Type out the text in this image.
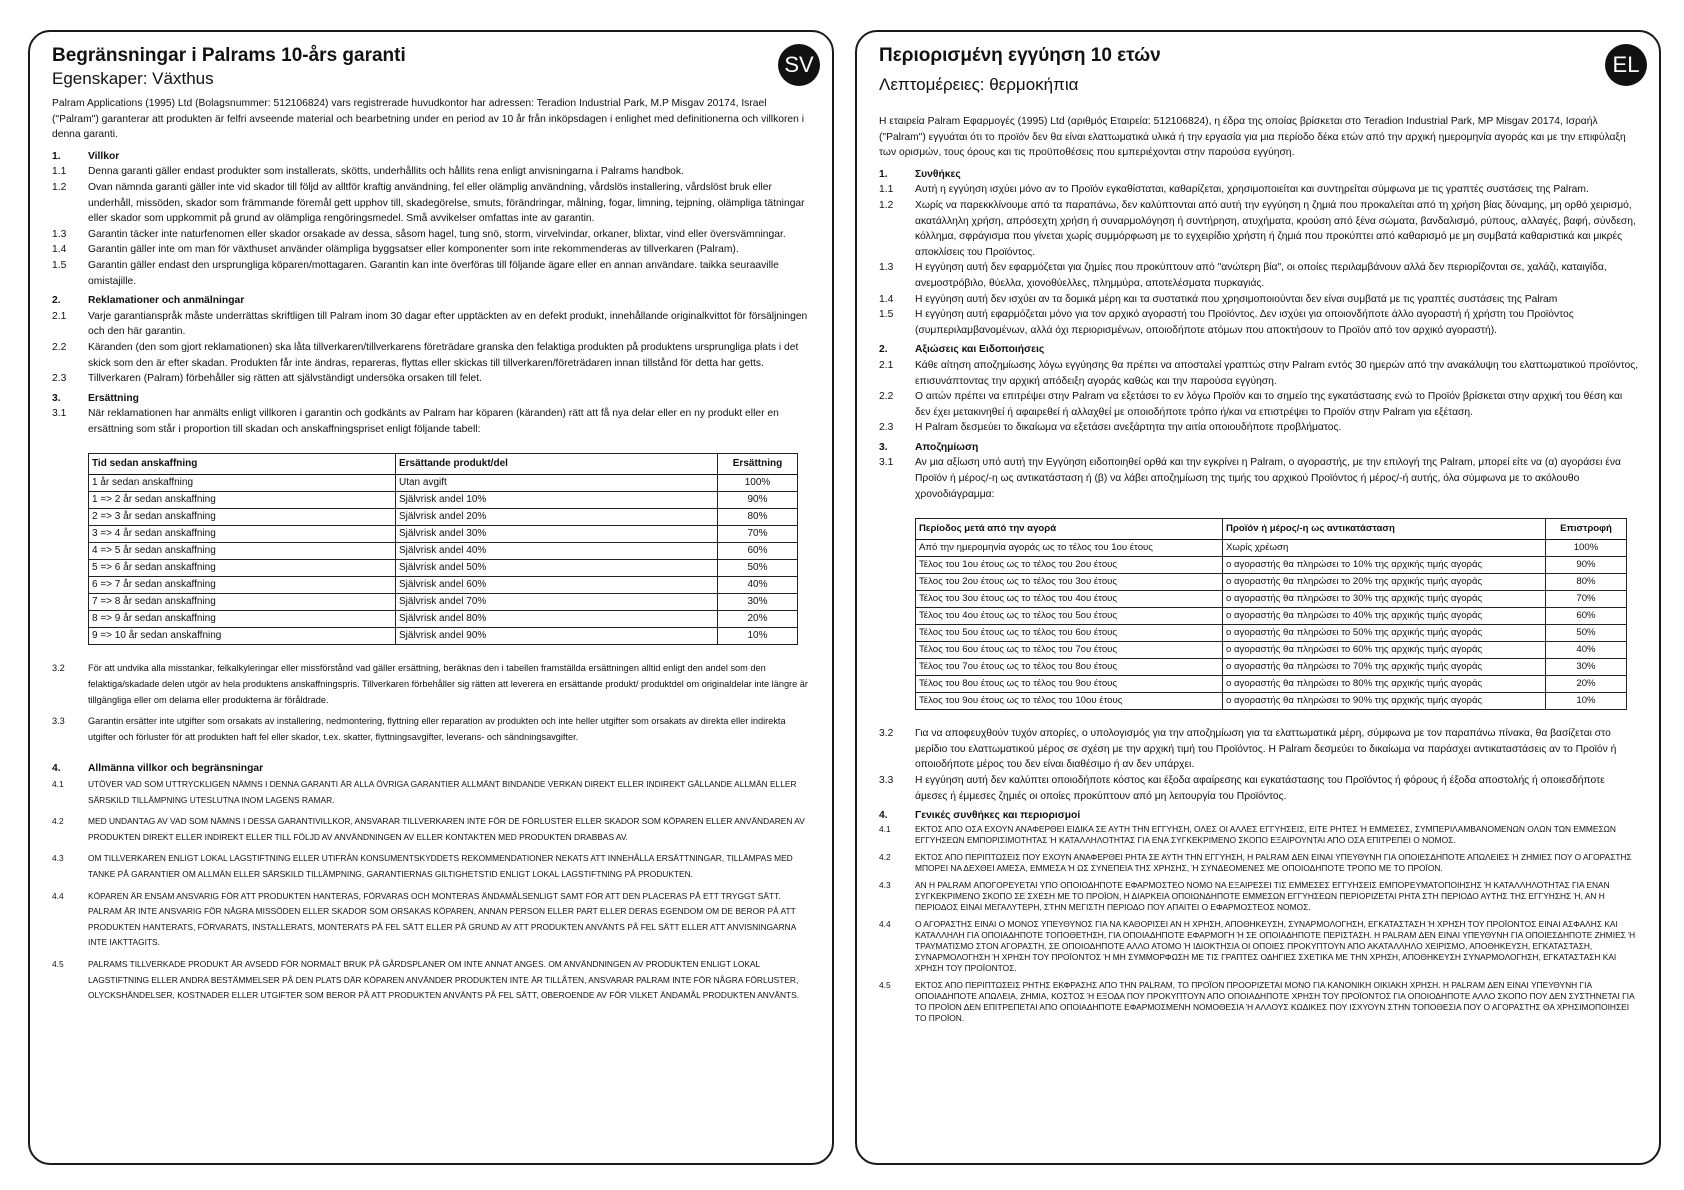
SV

Begränsningar i Palrams 10-års garanti

Egenskaper: Växthus

Palram Applications (1995) Ltd (Bolagsnummer: 512106824) vars registrerade huvudkontor har adressen: Teradion Industrial Park, M.P Misgav 20174, Israel ("Palram") garanterar att produkten är felfri avseende material och bearbetning under en period av 10 år från inköpsdagen i enlighet med definitionerna och villkoren i denna garanti.

1.	Villkor
1.1 Denna garanti gäller endast produkter som installerats, skötts, underhållits och hållits rena enligt anvisningarna i Palrams handbok.
1.2 Ovan nämnda garanti gäller inte vid skador till följd av alltför kraftig användning, fel eller olämplig användning, vårdslös installering, vårdslöst bruk eller underhåll, missöden, skador som främmande föremål gett upphov till, skadegörelse, smuts, förändringar, målning, fogar, limning, tejpning, olämpliga tätningar eller skador som uppkommit på grund av olämpliga rengöringsmedel. Små avvikelser omfattas inte av garantin.
1.3 Garantin täcker inte naturfenomen eller skador orsakade av dessa, såsom hagel, tung snö, storm, virvelvindar, orkaner, blixtar, vind eller översvämningar.
1.4 Garantin gäller inte om man för växthuset använder olämpliga byggsatser eller komponenter som inte rekommenderas av tillverkaren (Palram).
1.5 Garantin gäller endast den ursprungliga köparen/mottagaren. Garantin kan inte överföras till följande ägare eller en annan användare. taikka seuraaville omistajille.
2.	Reklamationer och anmälningar
2.1 Varje garantianspråk måste underrättas skriftligen till Palram inom 30 dagar efter upptäckten av en defekt produkt, innehållande originalkvittot för försäljningen och den här garantin.
2.2 Käranden (den som gjort reklamationen) ska låta tillverkaren/tillverkarens företrädare granska den felaktiga produkten på produktens ursprungliga plats i det skick som den är efter skadan. Produkten får inte ändras, repareras, flyttas eller skickas till tillverkaren/företrädaren innan tillstånd för detta har getts.
2.3 Tillverkaren (Palram) förbehåller sig rätten att självständigt undersöka orsaken till felet.
3.	Ersättning
3.1 När reklamationen har anmälts enligt villkoren i garantin och godkänts av Palram har köparen (käranden) rätt att få nya delar eller en ny produkt eller en ersättning som står i proportion till skadan och anskaffningspriset enligt följande tabell:
Tid sedan anskaffning	Ersättande produkt/del	Ersättning
1 år sedan anskaffning	Utan avgift	100%
1 => 2 år sedan anskaffning	Självrisk andel 10%	90%
2 => 3 år sedan anskaffning	Självrisk andel 20%	80%
3 => 4 år sedan anskaffning	Självrisk andel 30%	70%
4 => 5 år sedan anskaffning	Självrisk andel 40%	60%
5 => 6 år sedan anskaffning	Självrisk andel 50%	50%
6 => 7 år sedan anskaffning	Självrisk andel 60%	40%
7 => 8 år sedan anskaffning	Självrisk andel 70%	30%
8 => 9 år sedan anskaffning	Självrisk andel 80%	20%
9 => 10 år sedan anskaffning	Självrisk andel 90%	10%
3.2	För att undvika alla misstankar, felkalkyleringar eller missförstånd vad gäller ersättning, beräknas den i tabellen framställda ersättningen alltid enligt den andel som den felaktiga/skadade delen utgör av hela produktens anskaffningspris. Tillverkaren förbehåller sig rätten att leverera en ersättande produkt/ produktdel om originaldelar inte längre är tillgängliga eller om delarna eller produkterna är föråldrade.
3.3	Garantin ersätter inte utgifter som orsakats av installering, nedmontering, flyttning eller reparation av produkten och inte heller utgifter som orsakats av direkta eller indirekta utgifter och förluster för att produkten haft fel eller skador, t.ex. skatter, flyttningsavgifter, leverans- och sändningsavgifter.
4.	Allmänna villkor och begränsningar
4.1	UTÖVER VAD SOM UTTRYCKLIGEN NÄMNS I DENNA GARANTI ÄR ALLA ÖVRIGA GARANTIER ALLMÄNT BINDANDE VERKAN DIREKT ELLER INDIREKT GÄLLANDE ALLMÄN ELLER SÄRSKILD TILLÄMPNING UTESLUTNA INOM LAGENS RAMAR.
4.2	MED UNDANTAG AV VAD SOM NÄMNS I DESSA GARANTIVILLKOR, ANSVARAR TILLVERKAREN INTE FÖR DE FÖRLUSTER ELLER SKADOR SOM KÖPAREN ELLER ANVÄNDAREN AV PRODUKTEN DIREKT ELLER INDIREKT ELLER TILL FÖLJD AV ANVÄNDNINGEN AV ELLER KONTAKTEN MED PRODUKTEN DRABBAS AV.
4.3	OM TILLVERKAREN ENLIGT LOKAL LAGSTIFTNING ELLER UTIFRÅN KONSUMENTSKYDDETS REKOMMENDATIONER NEKATS ATT INNEHÅLLA ERSÄTTNINGAR, TILLÄMPAS MED TANKE PÅ GARANTIER OM ALLMÄN ELLER SÄRSKILD TILLÄMPNING, GARANTIERNAS GILTIGHETSTID ENLIGT LOKAL LAGSTIFTNING PÅ PRODUKTEN.
4.4	KÖPAREN ÄR ENSAM ANSVARIG FÖR ATT PRODUKTEN HANTERAS, FÖRVARAS OCH MONTERAS ÄNDAMÅLSENLIGT SAMT FÖR ATT DEN PLACERAS PÅ ETT TRYGGT SÄTT. PALRAM ÄR INTE ANSVARIG FÖR NÅGRA MISSÖDEN ELLER SKADOR SOM ORSAKAS KÖPAREN, ANNAN PERSON ELLER PART ELLER DERAS EGENDOM OM DE BEROR PÅ ATT PRODUKTEN HANTERATS, FÖRVARATS, INSTALLERATS, MONTERATS PÅ FEL SÄTT ELLER PÅ GRUND AV ATT PRODUKTEN ANVÄNTS PÅ FEL SÄTT ELLER ATT ANVISNINGARNA INTE IAKTTAGITS.
4.5	PALRAMS TILLVERKADE PRODUKT ÄR AVSEDD FÖR NORMALT BRUK PÅ GÅRDSPLANER OM INTE ANNAT ANGES. OM ANVÄNDNINGEN AV PRODUKTEN ENLIGT LOKAL LAGSTIFTNING ELLER ANDRA BESTÄMMELSER PÅ DEN PLATS DÄR KÖPAREN ANVÄNDER PRODUKTEN INTE ÄR TILLÅTEN, ANSVARAR PALRAM INTE FÖR NÅGRA FÖRLUSTER, OLYCKSHÄNDELSER, KOSTNADER ELLER UTGIFTER SOM BEROR PÅ ATT PRODUKTEN ANVÄNTS PÅ FEL SÄTT, OBEROENDE AV FÖR VILKET ÄNDAMÅL PRODUKTEN ANVÄNTS.
EL

Περιορισμένη εγγύηση 10 ετών

Λεπτομέρειες: θερμοκήπια

Η εταιρεία Palram Εφαρμογές (1995) Ltd (αριθμός Εταιρεία: 512106824), η έδρα της οποίας βρίσκεται στο Teradion Industrial Park, MP Misgav 20174, Ισραήλ ("Palram") εγγυάται ότι το προϊόν δεν θα είναι ελαττωματικά υλικά ή την εργασία για μια περίοδο δέκα ετών από την αρχική ημερομηνία αγοράς και με την επιφύλαξη των ορισμών, τους όρους και τις προϋποθέσεις που εμπεριέχονται στην παρούσα εγγύηση.

1.	Συνθήκες
1.1 Αυτή η εγγύηση ισχύει μόνο αν το Προϊόν εγκαθίσταται, καθαρίζεται, χρησιμοποιείται και συντηρείται σύμφωνα με τις γραπτές συστάσεις της Palram.
1.2 Χωρίς να παρεκκλίνουμε από τα παραπάνω, δεν καλύπτονται από αυτή την εγγύηση η ζημιά που προκαλείται από τη χρήση βίας δύναμης, μη ορθό χειρισμό, ακατάλληλη χρήση, απρόσεχτη χρήση ή συναρμολόγηση ή συντήρηση, ατυχήματα, κρούση από ξένα σώματα, βανδαλισμό, ρύπους, αλλαγές, βαφή, σύνδεση, κόλλημα, σφράγισμα που γίνεται χωρίς συμμόρφωση με το εγχειρίδιο χρήστη ή ζημιά που προκύπτει από καθαρισμό με μη συμβατά καθαριστικά και μικρές αποκλίσεις του Προϊόντος.
1.3 Η εγγύηση αυτή δεν εφαρμόζεται για ζημίες που προκύπτουν από "ανώτερη βία", οι οποίες περιλαμβάνουν αλλά δεν περιορίζονται σε, χαλάζι, καταιγίδα, ανεμοστρόβιλο, θύελλα, χιονοθύελλες, πλημμύρα, αποτελέσματα πυρκαγιάς.
1.4 Η εγγύηση αυτή δεν ισχύει αν τα δομικά μέρη και τα συστατικά που χρησιμοποιούνται δεν είναι συμβατά με τις γραπτές συστάσεις της Palram
1.5 Η εγγύηση αυτή εφαρμόζεται μόνο για τον αρχικό αγοραστή του Προϊόντος. Δεν ισχύει για οποιονδήποτε άλλο αγοραστή ή χρήστη του Προϊόντος (συμπεριλαμβανομένων, αλλά όχι περιορισμένων, οποιοδήποτε ατόμων που αποκτήσουν το Προϊόν από τον αρχικό αγοραστή).
2.	Αξιώσεις και Ειδοποιήσεις
2.1 Κάθε αίτηση αποζημίωσης λόγω εγγύησης θα πρέπει να αποσταλεί γραπτώς στην Palram εντός 30 ημερών από την ανακάλυψη του ελαττωματικού προϊόντος, επισυνάπτοντας την αρχική απόδειξη αγοράς καθώς και την παρούσα εγγύηση.
2.2 Ο αιτών πρέπει να επιτρέψει στην Palram να εξετάσει το εν λόγω Προϊόν και το σημείο της εγκατάστασης ενώ το Προϊόν βρίσκεται στην αρχική του θέση και δεν έχει μετακινηθεί ή αφαιρεθεί ή αλλαχθεί με οποιοδήποτε τρόπο ή/και να επιστρέψει το Προϊόν στην Palram για εξέταση.
2.3 Η Palram δεσμεύει το δικαίωμα να εξετάσει ανεξάρτητα την αιτία οποιουδήποτε προβλήματος.
3.	Αποζημίωση
3.1 Αν μια αξίωση υπό αυτή την Εγγύηση ειδοποιηθεί ορθά και την εγκρίνει η Palram, ο αγοραστής, με την επιλογή της Palram, μπορεί είτε να (α) αγοράσει ένα Προϊόν ή μέρος/-η ως αντικατάσταση ή (β) να λάβει αποζημίωση της τιμής του αρχικού Προϊόντος ή μέρος/-ή αυτής, όλα σύμφωνα με το ακόλουθο χρονοδιάγραμμα:
Περίοδος μετά από την αγορά	Προϊόν ή μέρος/-η ως αντικατάσταση	Επιστροφή
Από την ημερομηνία αγοράς ως το τέλος του 1ου έτους	Χωρίς χρέωση	100%
Τέλος του 1ου έτους ως το τέλος του 2ου έτους	ο αγοραστής θα πληρώσει το 10% της αρχικής τιμής αγοράς	90%
Τέλος του 2ου έτους ως το τέλος του 3ου έτους	ο αγοραστής θα πληρώσει το 20% της αρχικής τιμής αγοράς	80%
Τέλος του 3ου έτους ως το τέλος του 4ου έτους	ο αγοραστής θα πληρώσει το 30% της αρχικής τιμής αγοράς	70%
Τέλος του 4ου έτους ως το τέλος του 5ου έτους	ο αγοραστής θα πληρώσει το 40% της αρχικής τιμής αγοράς	60%
Τέλος του 5ου έτους ως το τέλος του 6ου έτους	ο αγοραστής θα πληρώσει το 50% της αρχικής τιμής αγοράς	50%
Τέλος του 6ου έτους ως το τέλος του 7ου έτους	ο αγοραστής θα πληρώσει το 60% της αρχικής τιμής αγοράς	40%
Τέλος του 7ου έτους ως το τέλος του 8ου έτους	ο αγοραστής θα πληρώσει το 70% της αρχικής τιμής αγοράς	30%
Τέλος του 8ου έτους ως το τέλος του 9ου έτους	ο αγοραστής θα πληρώσει το 80% της αρχικής τιμής αγοράς	20%
Τέλος του 9ου έτους ως το τέλος του 10ου έτους	ο αγοραστής θα πληρώσει το 90% της αρχικής τιμής αγοράς	10%
3.2 Για να αποφευχθούν τυχόν απορίες, ο υπολογισμός για την αποζημίωση για τα ελαττωματικά μέρη, σύμφωνα με τον παραπάνω πίνακα, θα βασίζεται στο μερίδιο του ελαττωματικού μέρος σε σχέση με την αρχική τιμή του Προϊόντος. Η Palram δεσμεύει το δικαίωμα να παράσχει αντικαταστάσεις αν το Προϊόν ή οποιοδήποτε μέρος του δεν είναι διαθέσιμο ή αν δεν υπάρχει.
3.3 Η εγγύηση αυτή δεν καλύπτει οποιοδήποτε κόστος και έξοδα αφαίρεσης και εγκατάστασης του Προϊόντος ή φόρους ή έξοδα αποστολής ή οποιεσδήποτε άμεσες ή έμμεσες ζημιές οι οποίες προκύπτουν από μη λειτουργία του Προϊόντος.
4.	Γενικές συνθήκες και περιορισμοί
4.1	ΕΚΤΟΣ ΑΠΟ ΟΣΑ ΕΧΟΥΝ ΑΝΑΦΕΡΘΕΙ ΕΙΔΙΚΑ ΣΕ ΑΥΤΗ ΤΗΝ ΕΓΓΥΗΣΗ, ΟΛΕΣ ΟΙ ΑΛΛΕΣ ΕΓΓΥΗΣΕΙΣ, ΕΙΤΕ ΡΗΤΕΣ Ή ΕΜΜΕΣΕΣ, ΣΥΜΠΕΡΙΛΑΜΒΑΝΟΜΕΝΩΝ ΟΛΩΝ ΤΩΝ ΕΜΜΕΣΩΝ ΕΓΓΥΗΣΕΩΝ ΕΜΠΟΡΙΣΙΜΟΤΗΤΑΣ Ή ΚΑΤΑΛΛΗΛΟΤΗΤΑΣ ΓΙΑ ΕΝΑ ΣΥΓΚΕΚΡΙΜΕΝΟ ΣΚΟΠΟ ΕΞΑΙΡΟΥΝΤΑΙ ΑΠΟ ΟΣΑ ΕΠΙΤΡΕΠΕΙ Ο ΝΟΜΟΣ.
4.2	ΕΚΤΟΣ ΑΠΟ ΠΕΡΙΠΤΩΣΕΙΣ ΠΟΥ ΕΧΟΥΝ ΑΝΑΦΕΡΘΕΙ ΡΗΤΑ ΣΕ ΑΥΤΗ ΤΗΝ ΕΓΓΥΗΣΗ, Η PALRAM ΔΕΝ ΕΙΝΑΙ ΥΠΕΥΘΥΝΗ ΓΙΑ ΟΠΟΙΕΣΔΗΠΟΤΕ ΑΠΩΛΕΙΕΣ Ή ΖΗΜΙΕΣ ΠΟΥ Ο ΑΓΟΡΑΣΤΗΣ ΜΠΟΡΕΙ ΝΑ ΔΕΧΘΕΙ ΑΜΕΣΑ, ΕΜΜΕΣΑ Ή ΩΣ ΣΥΝΕΠΕΙΑ ΤΗΣ ΧΡΗΣΗΣ, Ή ΣΥΝΔΕΟΜΕΝΕΣ ΜΕ ΟΠΟΙΟΔΗΠΟΤΕ ΤΡΟΠΟ ΜΕ ΤΟ ΠΡΟΪΟΝ.
4.3	ΑΝ Η PALRAM ΑΠΟΓΟΡΕΥΕΤΑΙ ΥΠΟ ΟΠΟΙΟΔΗΠΟΤΕ ΕΦΑΡΜΟΣΤΕΟ ΝΟΜΟ ΝΑ ΕΞΑΙΡΕΣΕΙ ΤΙΣ ΕΜΜΕΣΕΣ ΕΓΓΥΗΣΕΙΣ ΕΜΠΟΡΕΥΜΑΤΟΠΟΙΗΣΗΣ Ή ΚΑΤΑΛΛΗΛΟΤΗΤΑΣ ΓΙΑ ΕΝΑΝ ΣΥΓΚΕΚΡΙΜΕΝΟ ΣΚΟΠΟ ΣΕ ΣΧΕΣΗ ΜΕ ΤΟ ΠΡΟΪΟΝ, Η ΔΙΑΡΚΕΙΑ ΟΠΟΙΩΝΔΗΠΟΤΕ ΕΜΜΕΣΩΝ ΕΓΓΥΗΣΕΩΝ ΠΕΡΙΟΡΙΖΕΤΑΙ ΡΗΤΑ ΣΤΗ ΠΕΡΙΟΔΟ ΑΥΤΗΣ ΤΗΣ ΕΓΓΥΗΣΗΣ Ή, ΑΝ Η ΠΕΡΙΟΔΟΣ ΕΙΝΑΙ ΜΕΓΑΛΥΤΕΡΗ, ΣΤΗΝ ΜΕΓΙΣΤΗ ΠΕΡΙΟΔΟ ΠΟΥ ΑΠΑΙΤΕΙ Ο ΕΦΑΡΜΟΣΤΕΟΣ ΝΟΜΟΣ.
4.4	Ο ΑΓΟΡΑΣΤΗΣ ΕΙΝΑΙ Ο ΜΟΝΟΣ ΥΠΕΥΘΥΝΟΣ ΓΙΑ ΝΑ ΚΑΘΟΡΙΣΕΙ ΑΝ Η ΧΡΗΣΗ, ΑΠΟΘΗΚΕΥΣΗ, ΣΥΝΑΡΜΟΛΟΓΗΣΗ, ΕΓΚΑΤΑΣΤΑΣΗ Ή ΧΡΗΣΗ ΤΟΥ ΠΡΟΪΟΝΤΟΣ ΕΙΝΑΙ ΑΣΦΑΛΗΣ ΚΑΙ ΚΑΤΑΛΛΗΛΗ ΓΙΑ ΟΠΟΙΑΔΗΠΟΤΕ ΤΟΠΟΘΕΤΗΣΗ, ΓΙΑ ΟΠΟΙΑΔΗΠΟΤΕ ΕΦΑΡΜΟΓΗ Ή ΣΕ ΟΠΟΙΑΔΗΠΟΤΕ ΠΕΡΙΣΤΑΣΗ. Η PALRAM ΔΕΝ ΕΙΝΑΙ ΥΠΕΥΘΥΝΗ ΓΙΑ ΟΠΟΙΕΣΔΗΠΟΤΕ ΖΗΜΙΕΣ Ή ΤΡΑΥΜΑΤΙΣΜΟ ΣΤΟΝ ΑΓΟΡΑΣΤΗ, ΣΕ ΟΠΟΙΟΔΗΠΟΤΕ ΑΛΛΟ ΑΤΟΜΟ Ή ΙΔΙΟΚΤΗΣΙΑ ΟΙ ΟΠΟΙΕΣ ΠΡΟΚΥΠΤΟΥΝ ΑΠΟ ΑΚΑΤΑΛΛΗΛΟ ΧΕΙΡΙΣΜΟ, ΑΠΟΘΗΚΕΥΣΗ, ΕΓΚΑΤΑΣΤΑΣΗ, ΣΥΝΑΡΜΟΛΟΓΗΣΗ Ή ΧΡΗΣΗ ΤΟΥ ΠΡΟΪΟΝΤΟΣ Ή ΜΗ ΣΥΜΜΟΡΦΩΣΗ ΜΕ ΤΙΣ ΓΡΑΠΤΕΣ ΟΔΗΓΙΕΣ ΣΧΕΤΙΚΑ ΜΕ ΤΗΝ ΧΡΗΣΗ, ΑΠΟΘΗΚΕΥΣΗ ΣΥΝΑΡΜΟΛΟΓΗΣΗ, ΕΓΚΑΤΑΣΤΑΣΗ ΚΑΙ ΧΡΗΣΗ ΤΟΥ ΠΡΟΪΟΝΤΟΣ.
4.5	ΕΚΤΟΣ ΑΠΟ ΠΕΡΙΠΤΩΣΕΙΣ ΡΗΤΗΣ ΕΚΦΡΑΣΗΣ ΑΠΟ ΤΗΝ PALRAM, ΤΟ ΠΡΟΪΟΝ ΠΡΟΟΡΙΖΕΤΑΙ ΜΟΝΟ ΓΙΑ ΚΑΝΟΝΙΚΗ ΟΙΚΙΑΚΗ ΧΡΗΣΗ. Η PALRAM ΔΕΝ ΕΙΝΑΙ ΥΠΕΥΘΥΝΗ ΓΙΑ ΟΠΟΙΑΔΗΠΟΤΕ ΑΠΩΛΕΙΑ, ΖΗΜΙΑ, ΚΟΣΤΟΣ Ή ΕΞΟΔΑ ΠΟΥ ΠΡΟΚΥΠΤΟΥΝ ΑΠΟ ΟΠΟΙΑΔΗΠΟΤΕ ΧΡΗΣΗ ΤΟΥ ΠΡΟΪΟΝΤΟΣ ΓΙΑ ΟΠΟΙΟΔΗΠΟΤΕ ΑΛΛΟ ΣΚΟΠΟ ΠΟΥ ΔΕΝ ΣΥΣΤΗΝΕΤΑΙ ΓΙΑ ΤΟ ΠΡΟΪΟΝ ΔΕΝ ΕΠΙΤΡΕΠΕΤΑΙ ΑΠΟ ΟΠΟΙΑΔΗΠΟΤΕ ΕΦΑΡΜΟΣΜΕΝΗ ΝΟΜΟΘΕΣΙΑ Ή ΑΛΛΟΥΣ ΚΩΔΙΚΕΣ ΠΟΥ ΙΣΧΥΟΥΝ ΣΤΗΝ ΤΟΠΟΘΕΣΙΑ ΠΟΥ Ο ΑΓΟΡΑΣΤΗΣ ΘΑ ΧΡΗΣΙΜΟΠΟΙΗΣΕΙ ΤΟ ΠΡΟΪΟΝ.
